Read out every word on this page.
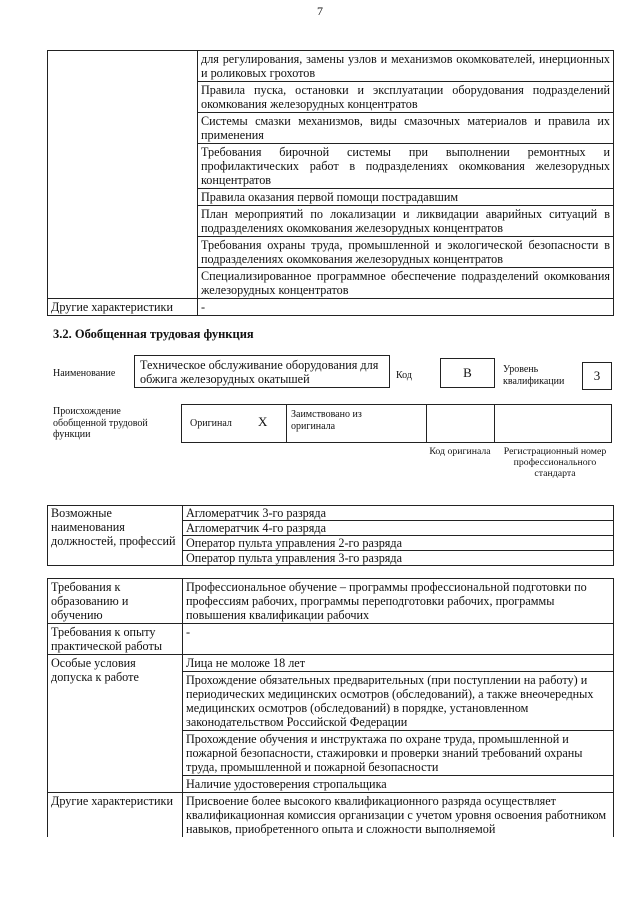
7
	для регулирования, замены узлов и механизмов окомкователей, инерционных и роликовых грохотов
	Правила пуска, остановки и эксплуатации оборудования подразделений окомкования железорудных концентратов
	Системы смазки механизмов, виды смазочных материалов и правила их применения
	Требования бирочной системы при выполнении ремонтных и профилактических работ в подразделениях окомкования железорудных концентратов
	Правила оказания первой помощи пострадавшим
	План мероприятий по локализации и ликвидации аварийных ситуаций в подразделениях окомкования железорудных концентратов
	Требования охраны труда, промышленной и экологической безопасности в подразделениях окомкования железорудных концентратов
	Специализированное программное обеспечение подразделений окомкования железорудных концентратов
Другие характеристики	-
3.2. Обобщенная трудовая функция
Наименование
Техническое обслуживание оборудования для обжига железорудных окатышей	Код	В	Уровень квалификации	3
Происхождение обобщенной трудовой функции
Оригинал X Заимствовано из оригинала
Код оригинала	Регистрационный номер профессионального стандарта
Возможные наименования должностей, профессий	Агломератчик 3-го разряда
Агломератчик 4-го разряда
Оператор пульта управления 2-го разряда
Оператор пульта управления 3-го разряда
Требования к образованию и обучению	Профессиональное обучение – программы профессиональной подготовки по профессиям рабочих, программы переподготовки рабочих, программы повышения квалификации рабочих
Требования к опыту практической работы	-
Особые условия допуска к работе	Лица не моложе 18 лет
	Прохождение обязательных предварительных (при поступлении на работу) и периодических медицинских осмотров (обследований), а также внеочередных медицинских осмотров (обследований) в порядке, установленном законодательством Российской Федерации
	Прохождение обучения и инструктажа по охране труда, промышленной и пожарной безопасности, стажировки и проверки знаний требований охраны труда, промышленной и пожарной безопасности
	Наличие удостоверения стропальщика
Другие характеристики	Присвоение более высокого квалификационного разряда осуществляет квалификационная комиссия организации с учетом уровня освоения работником навыков, приобретенного опыта и сложности выполняемой
